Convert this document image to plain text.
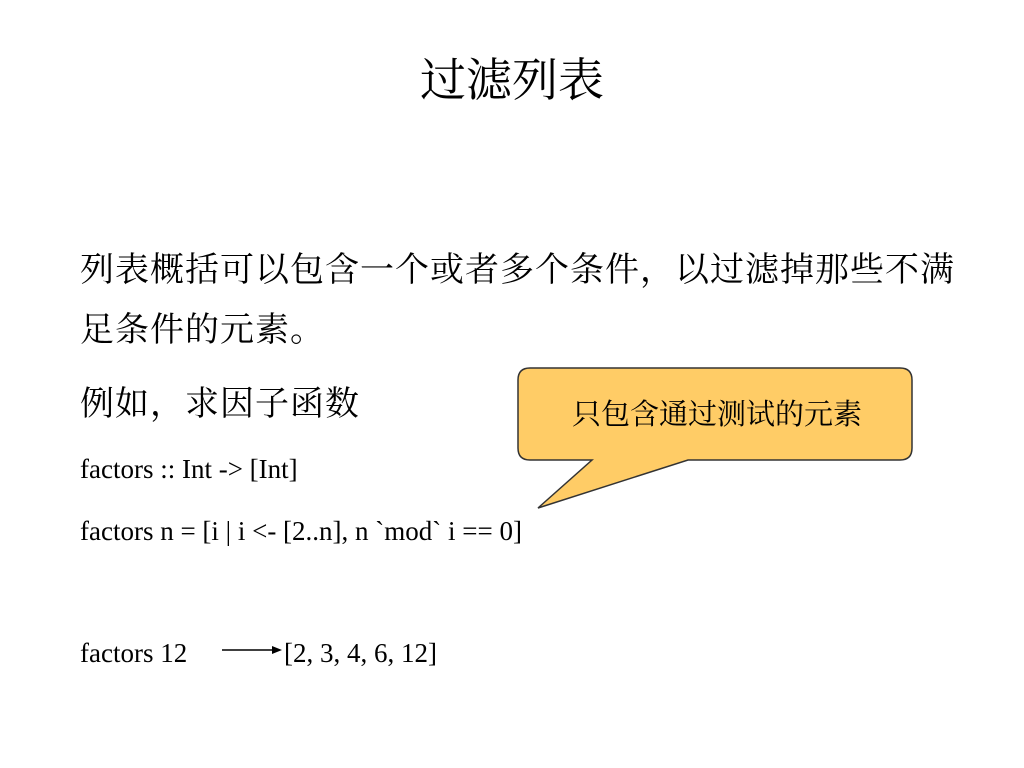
过滤列表
列表概括可以包含一个或者多个条件，以过滤掉那些不满足条件的元素。
例如，求因子函数
factors :: Int -> [Int]
factors n = [i | i <- [2..n], n `mod` i == 0]
factors 12	[2, 3, 4, 6, 12]
只包含通过测试的元素
